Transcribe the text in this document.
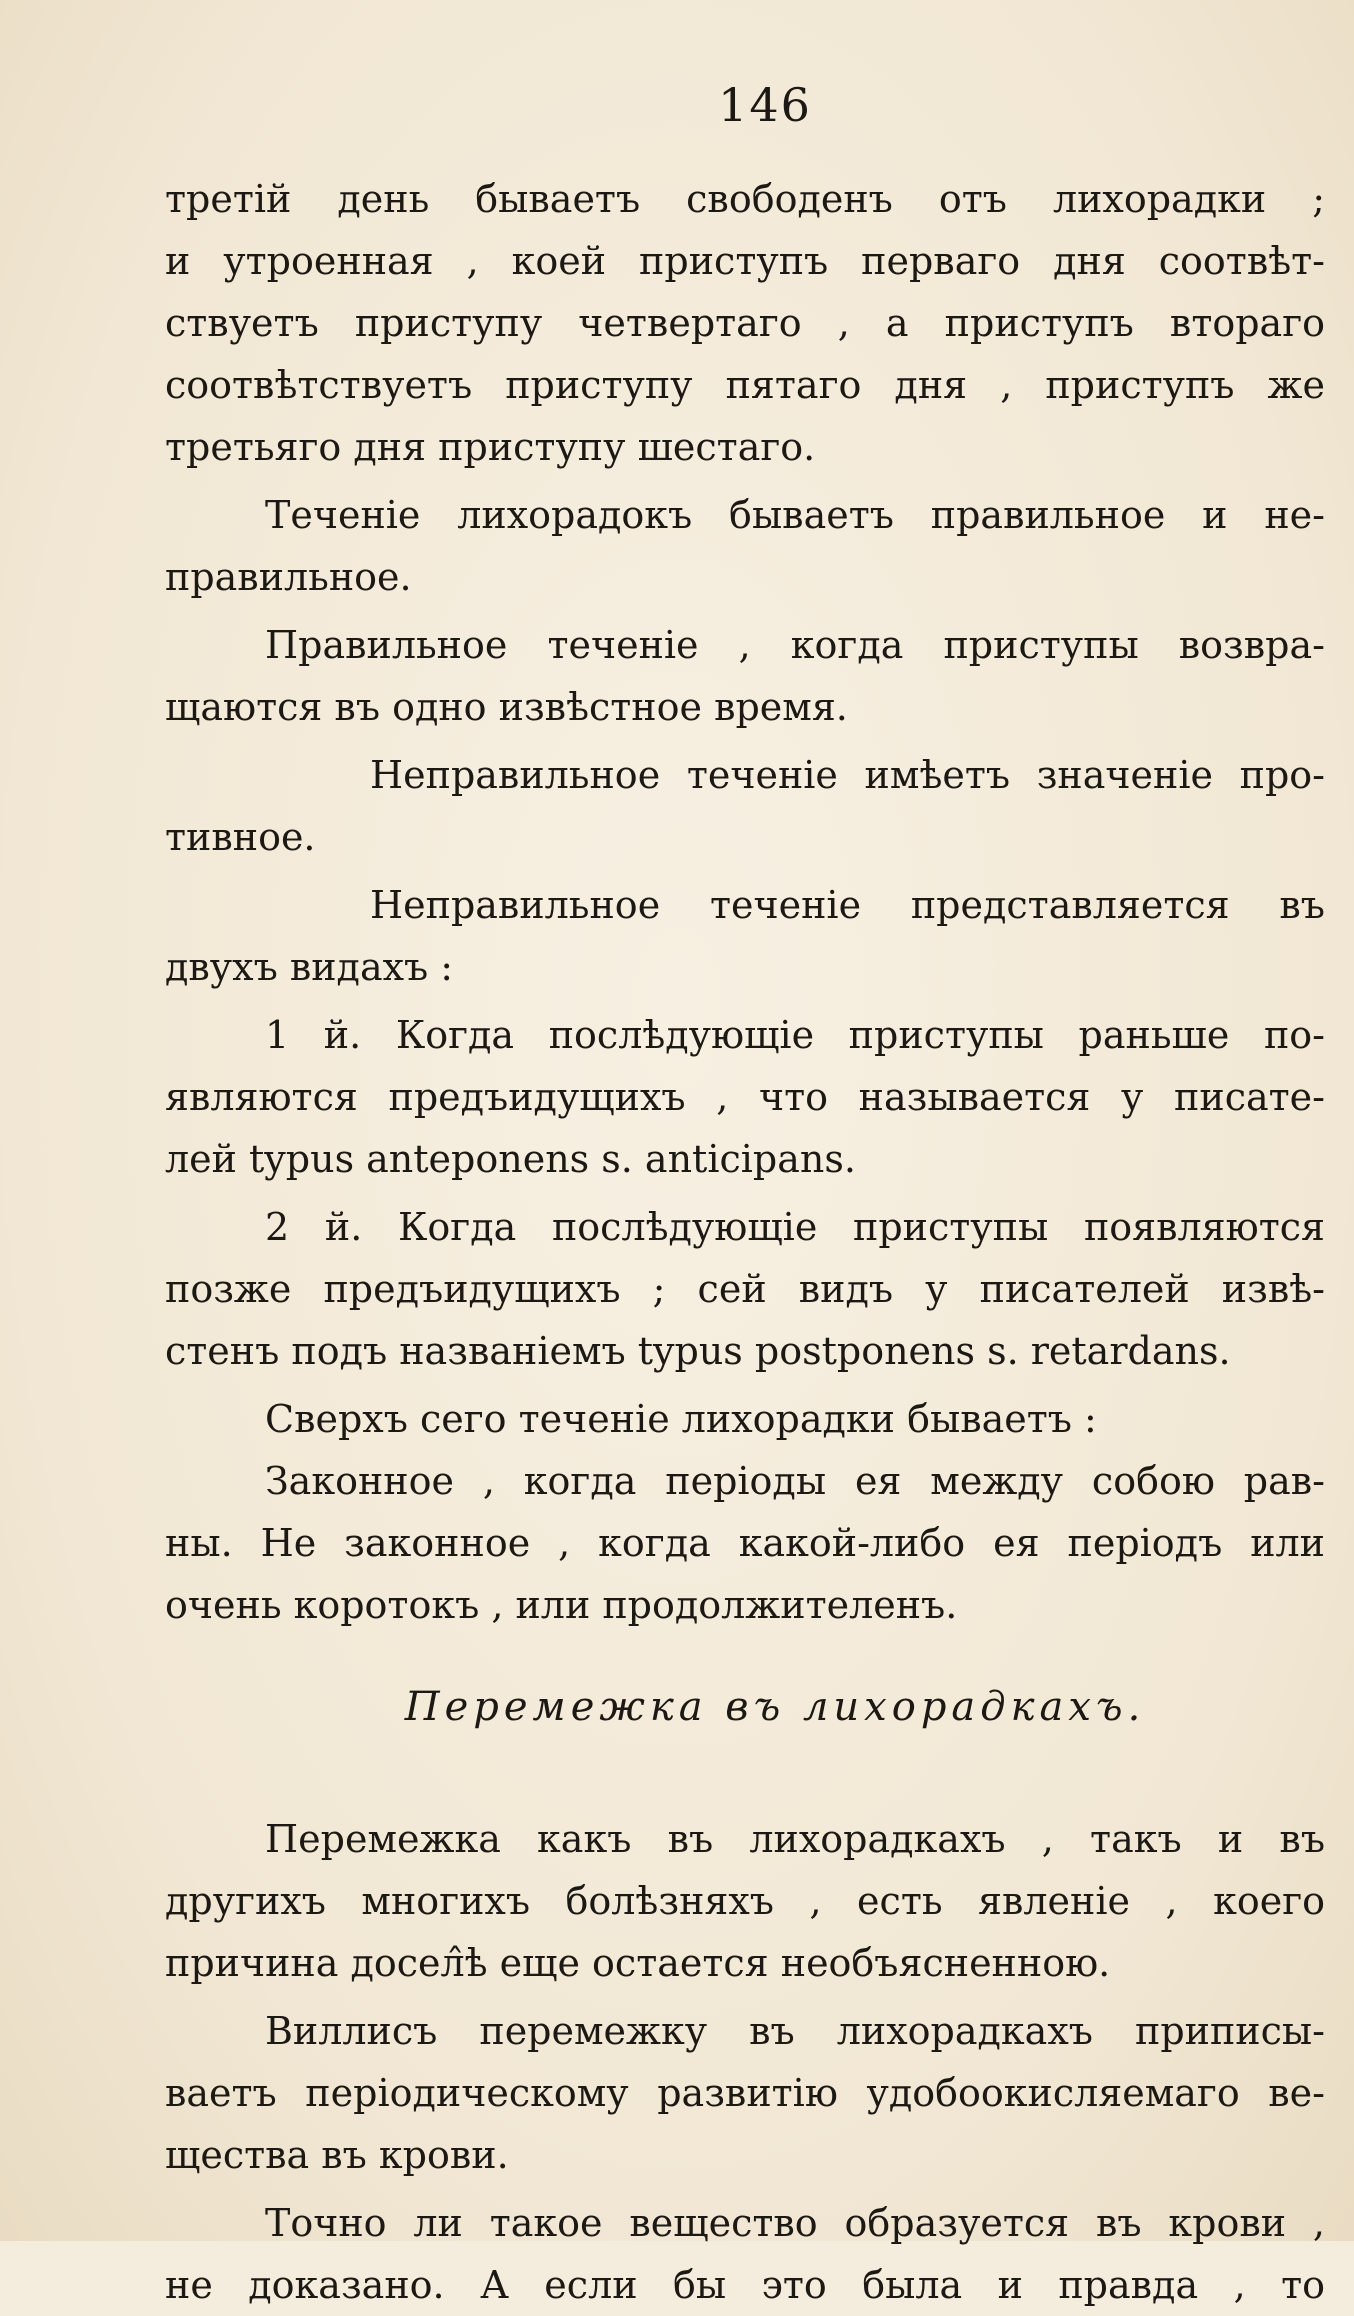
146
третій день бываетъ свободенъ отъ лихорадки ;
и утроенная , коей приступъ перваго дня соотвѣт-
ствуетъ приступу четвертаго , а приступъ втораго
соотвѣтствуетъ приступу пятаго дня , приступъ же
третьяго дня приступу шестаго.
Теченіе лихорадокъ бываетъ правильное и не-
правильное.
Правильное теченіе , когда приступы возвра-
щаются въ одно извѣстное время.
Неправильное теченіе имѣетъ значеніе про-
тивное.
Неправильное теченіе представляется въ
двухъ видахъ :
1 й. Когда послѣдующіе приступы раньше по-
являются предъидущихъ , что называется у писате-
лей typus anteponens s. anticipans.
2 й. Когда послѣдующіе приступы появляются
позже предъидущихъ ; сей видъ у писателей извѣ-
стенъ подъ названіемъ typus postponens s. retardans.
Сверхъ сего теченіе лихорадки бываетъ :
Законное , когда періоды ея между собою рав-
ны. Не законное , когда какой-либо ея періодъ или
очень коротокъ , или продолжителенъ.
Перемежка въ лихорадкахъ.
Перемежка какъ въ лихорадкахъ , такъ и въ
другихъ многихъ болѣзняхъ , есть явленіе , коего
причина досел̂ѣ еще остается необъясненною.
Виллисъ перемежку въ лихорадкахъ приписы-
ваетъ періодическому развитію удобоокисляемаго ве-
щества въ крови.
Точно ли такое вещество образуется въ крови ,
не доказано. А если бы это была и правда , то
